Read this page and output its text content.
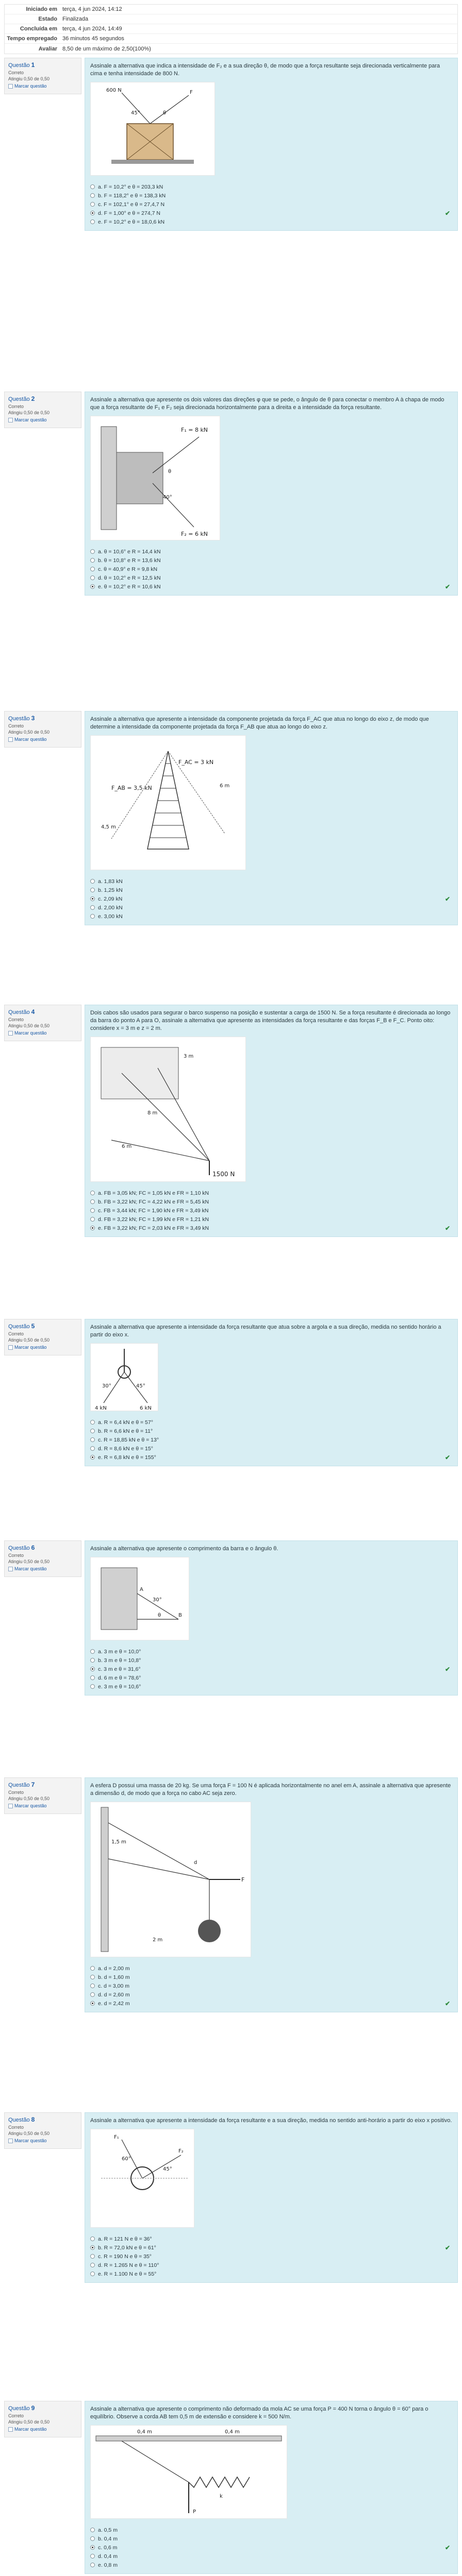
Iniciado em terça, 4 jun 2024, 14:12
Estado Finalizada
Concluída em terça, 4 jun 2024, 14:49
Tempo empregado 36 minutos 45 segundos
Avaliar 8,50 de um máximo de 2,50(100%)
Questão 1
Correto
Atingiu 0,50 de 0,50
Marcar questão
Assinale a alternativa que indica a intensidade de F₂ e a sua direção θ, de modo que a força resultante seja direcionada verticalmente para cima e tenha intensidade de 800 N.
600 N	F
45°	θ
a. F = 10,2° e θ = 203,3 kN
b. F = 118,2° e θ = 138,3 kN
c. F = 102,1° e θ = 27,4,7 N
d. F = 1,00° e θ = 274,7 N	✔
e. F = 10,2° e θ = 18,0,6 kN
Questão 2
Correto
Atingiu 0,50 de 0,50
Marcar questão
Assinale a alternativa que apresente os dois valores das direções φ que se pede, o ângulo de θ para conectar o membro A à chapa de modo que a força resultante de F₁ e F₂ seja direcionada horizontalmente para a direita e a intensidade da força resultante.
F₁ = 8 kN
F₂ = 6 kN
40°
θ
a. θ = 10,6° e R = 14,4 kN
b. θ = 10,8° e R = 13,6 kN
c. θ = 40,9° e R = 9,8 kN
d. θ = 10,2° e R = 12,5 kN
e. θ = 10,2° e R = 10,6 kN	✔
Questão 3
Correto
Atingiu 0,50 de 0,50
Marcar questão
Assinale a alternativa que apresente a intensidade da componente projetada da força F_AC que atua no longo do eixo z, de modo que determine a intensidade da componente projetada da força F_AB que atua ao longo do eixo z.
F_AC = 3 kN
F_AB = 3,5 kN
4,5 m
6 m
a. 1,83 kN
b. 1,25 kN
c. 2,09 kN	✔
d. 2,00 kN
e. 3,00 kN
Questão 4
Correto
Atingiu 0,50 de 0,50
Marcar questão
Dois cabos são usados para segurar o barco suspenso na posição e sustentar a carga de 1500 N. Se a força resultante é direcionada ao longo da barra do ponto A para O, assinale a alternativa que apresente as intensidades da força resultante e das forças F_B e F_C. Ponto oito: considere x = 3 m e z = 2 m.
1500 N
8 m
3 m
6 m
a. FB = 3,05 kN; FC = 1,05 kN e FR = 1,10 kN
b. FB = 3,22 kN; FC = 4,22 kN e FR = 5,45 kN
c. FB = 3,44 kN; FC = 1,90 kN e FR = 3,49 kN
d. FB = 3,22 kN; FC = 1,99 kN e FR = 1,21 kN
e. FB = 3,22 kN; FC = 2,03 kN e FR = 3,49 kN	✔
Questão 5
Correto
Atingiu 0,50 de 0,50
Marcar questão
Assinale a alternativa que apresente a intensidade da força resultante que atua sobre a argola e a sua direção, medida no sentido horário a partir do eixo x.
4 kN	6 kN
30°	45°
a. R = 6,4 kN e θ = 57°
b. R = 6,6 kN e θ = 11°
c. R = 18,85 kN e θ = 13°
d. R = 8,6 kN e θ = 15°
e. R = 6,8 kN e θ = 155°	✔
Questão 6
Correto
Atingiu 0,50 de 0,50
Marcar questão
Assinale a alternativa que apresente o comprimento da barra e o ângulo θ.
A
B
30°
θ
a. 3 m e θ = 10,0°
b. 3 m e θ = 10,8°
c. 3 m e θ = 31,6°	✔
d. 6 m e θ = 78,6°
e. 3 m e θ = 10,6°
Questão 7
Correto
Atingiu 0,50 de 0,50
Marcar questão
A esfera D possui uma massa de 20 kg. Se uma força F = 100 N é aplicada horizontalmente no anel em A, assinale a alternativa que apresente a dimensão d, de modo que a força no cabo AC seja zero.
1,5 m
2 m
F
d
a. d = 2,00 m
b. d = 1,60 m
c. d = 3,00 m
d. d = 2,60 m
e. d = 2,42 m	✔
Questão 8
Correto
Atingiu 0,50 de 0,50
Marcar questão
Assinale a alternativa que apresente a intensidade da força resultante e a sua direção, medida no sentido anti-horário a partir do eixo x positivo.
60°
45°
F₁
F₂
a. R = 121 N e θ = 36°
b. R = 72,0 kN e θ = 61°	✔
c. R = 190 N e θ = 35°
d. R = 1.265 N e θ = 110°
e. R = 1.100 N e θ = 55°
Questão 9
Correto
Atingiu 0,50 de 0,50
Marcar questão
Assinale a alternativa que apresente o comprimento não deformado da mola AC se uma força P = 400 N torna o ângulo θ = 60° para o equilíbrio. Observe a corda AB tem 0,5 m de extensão e considere k = 500 N/m.
0,4 m	0,4 m
k
P
a. 0,5 m
b. 0,4 m
c. 0,6 m	✔
d. 0,4 m
e. 0,8 m
